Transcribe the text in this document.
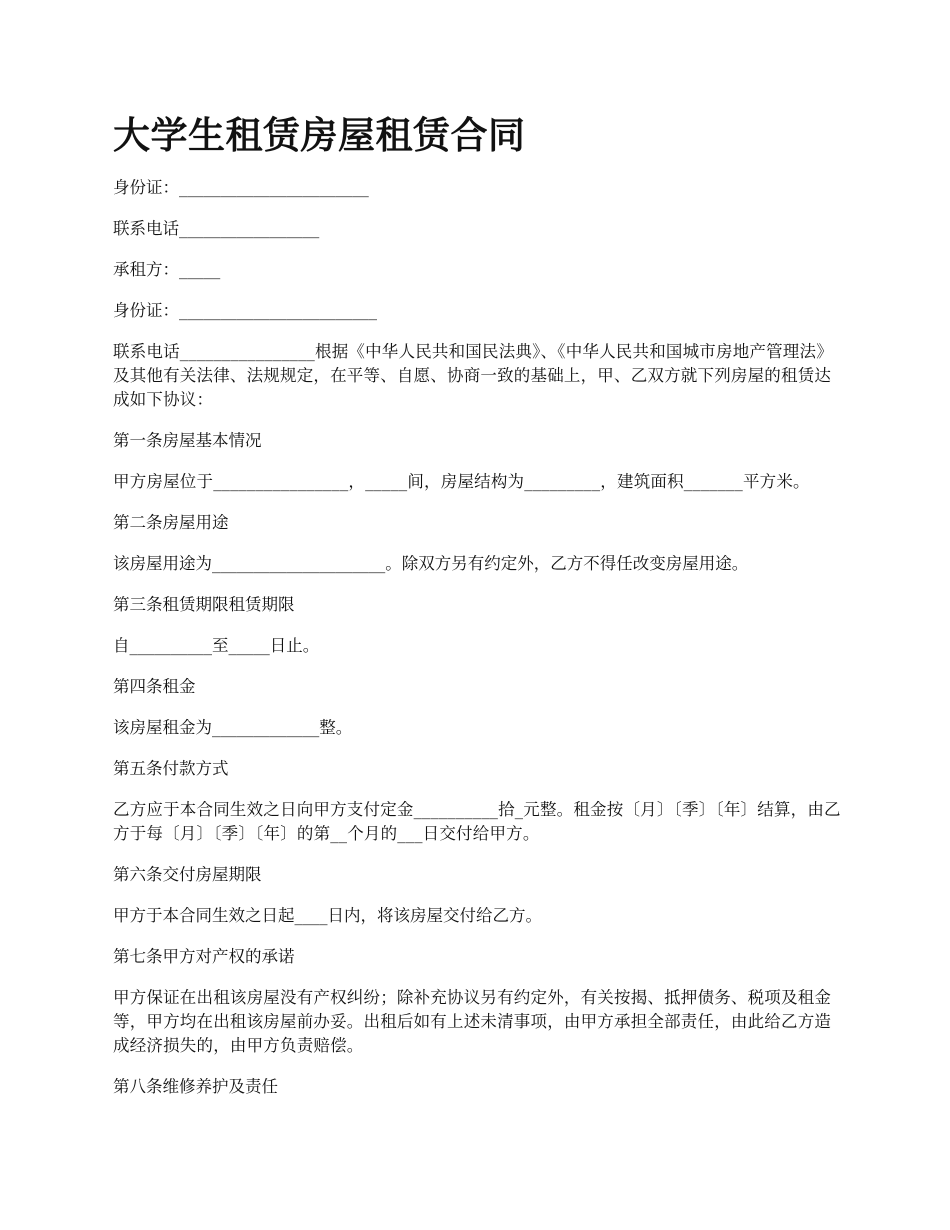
大学生租赁房屋租赁合同

身份证：_______________________

联系电话_________________

承租方：_____

身份证：________________________

联系电话________________根据《中华人民共和国民法典》、《中华人民共和国城市房地产管理法》及其他有关法律、法规规定，在平等、自愿、协商一致的基础上，甲、乙双方就下列房屋的租赁达成如下协议：

第一条房屋基本情况

甲方房屋位于________________，_____间，房屋结构为_________，建筑面积_______平方米。

第二条房屋用途

该房屋用途为_____________________。除双方另有约定外，乙方不得任改变房屋用途。

第三条租赁期限租赁期限

自__________至_____日止。

第四条租金

该房屋租金为_____________整。

第五条付款方式

乙方应于本合同生效之日向甲方支付定金__________拾_元整。租金按〔月〕〔季〕〔年〕结算，由乙方于每〔月〕〔季〕〔年〕的第__个月的___日交付给甲方。

第六条交付房屋期限

甲方于本合同生效之日起____日内，将该房屋交付给乙方。

第七条甲方对产权的承诺

甲方保证在出租该房屋没有产权纠纷；除补充协议另有约定外，有关按揭、抵押债务、税项及租金等，甲方均在出租该房屋前办妥。出租后如有上述未清事项，由甲方承担全部责任，由此给乙方造成经济损失的，由甲方负责赔偿。

第八条维修养护及责任
